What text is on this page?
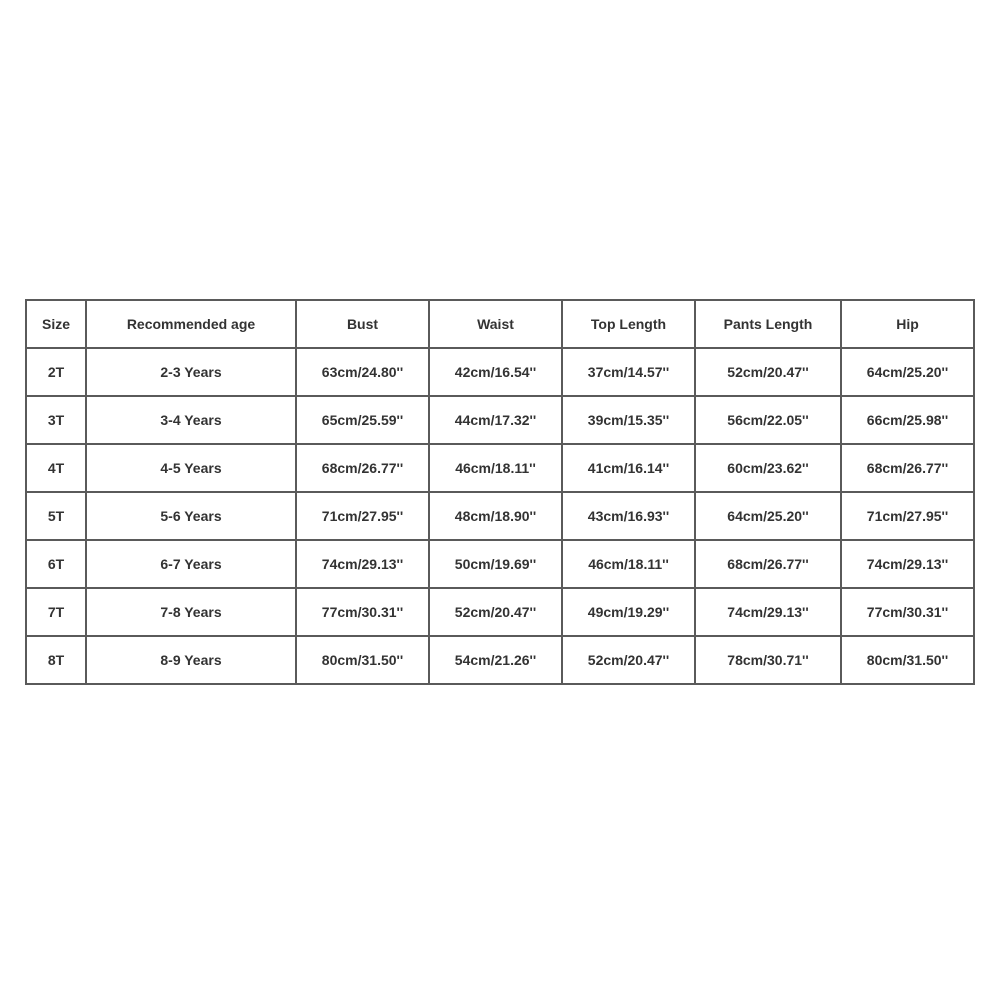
Size	Recommended age	Bust	Waist	Top Length	Pants Length	Hip
2T	2-3 Years	63cm/24.80''	42cm/16.54''	37cm/14.57''	52cm/20.47''	64cm/25.20''
3T	3-4 Years	65cm/25.59''	44cm/17.32''	39cm/15.35''	56cm/22.05''	66cm/25.98''
4T	4-5 Years	68cm/26.77''	46cm/18.11''	41cm/16.14''	60cm/23.62''	68cm/26.77''
5T	5-6 Years	71cm/27.95''	48cm/18.90''	43cm/16.93''	64cm/25.20''	71cm/27.95''
6T	6-7 Years	74cm/29.13''	50cm/19.69''	46cm/18.11''	68cm/26.77''	74cm/29.13''
7T	7-8 Years	77cm/30.31''	52cm/20.47''	49cm/19.29''	74cm/29.13''	77cm/30.31''
8T	8-9 Years	80cm/31.50''	54cm/21.26''	52cm/20.47''	78cm/30.71''	80cm/31.50''
